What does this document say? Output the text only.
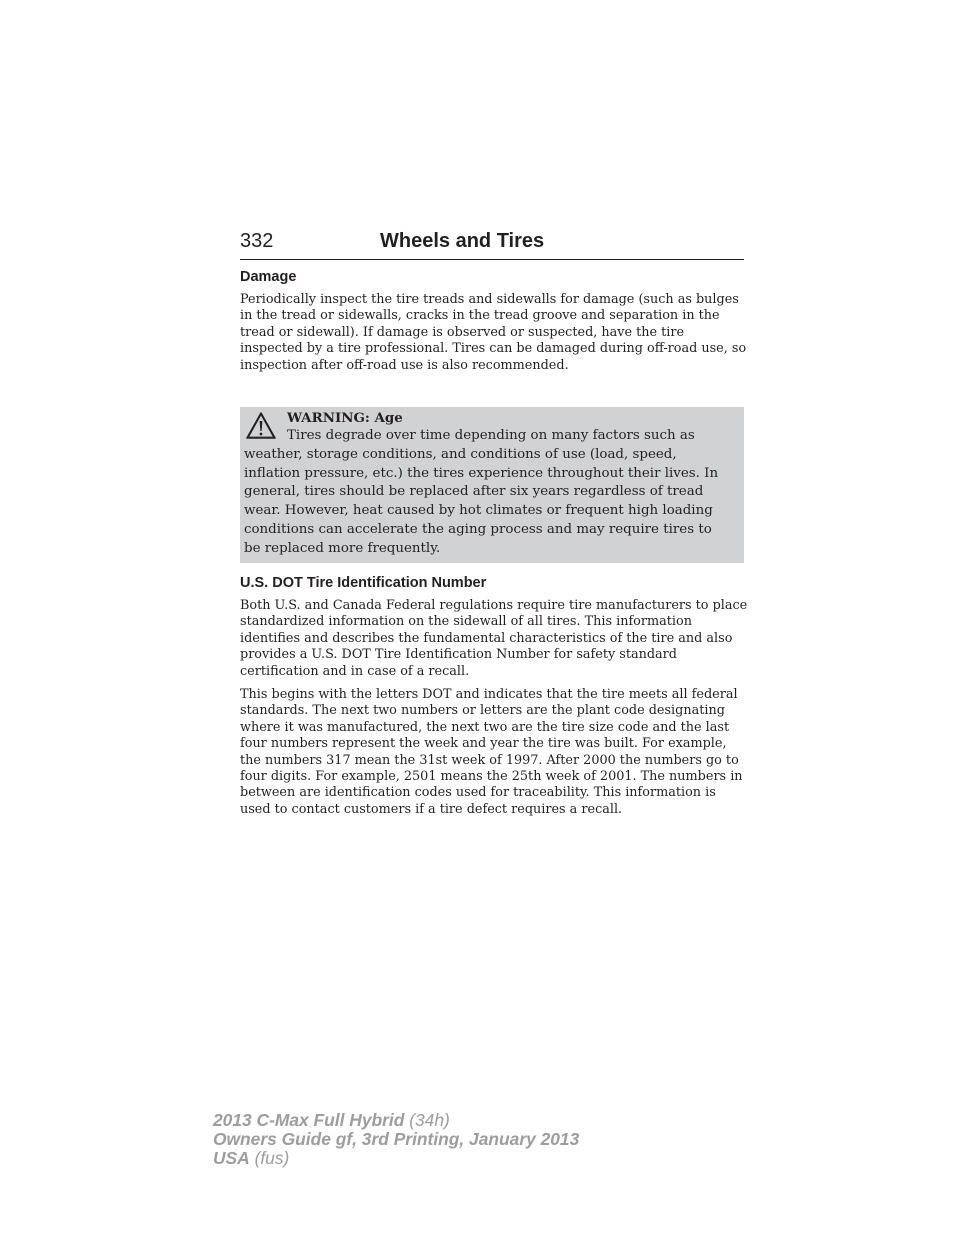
332	Wheels and Tires
Damage

Periodically inspect the tire treads and sidewalls for damage (such as bulges in the tread or sidewalls, cracks in the tread groove and separation in the tread or sidewall). If damage is observed or suspected, have the tire inspected by a tire professional. Tires can be damaged during off-road use, so inspection after off-road use is also recommended.

WARNING: Age

Tires degrade over time depending on many factors such as weather, storage conditions, and conditions of use (load, speed, inflation pressure, etc.) the tires experience throughout their lives. In general, tires should be replaced after six years regardless of tread wear. However, heat caused by hot climates or frequent high loading conditions can accelerate the aging process and may require tires to be replaced more frequently.

U.S. DOT Tire Identification Number

Both U.S. and Canada Federal regulations require tire manufacturers to place standardized information on the sidewall of all tires. This information identifies and describes the fundamental characteristics of the tire and also provides a U.S. DOT Tire Identification Number for safety standard certification and in case of a recall.

This begins with the letters DOT and indicates that the tire meets all federal standards. The next two numbers or letters are the plant code designating where it was manufactured, the next two are the tire size code and the last four numbers represent the week and year the tire was built. For example, the numbers 317 mean the 31st week of 1997. After 2000 the numbers go to four digits. For example, 2501 means the 25th week of 2001. The numbers in between are identification codes used for traceability. This information is used to contact customers if a tire defect requires a recall.

2013 C-Max Full Hybrid (34h)
Owners Guide gf, 3rd Printing, January 2013
USA (fus)
